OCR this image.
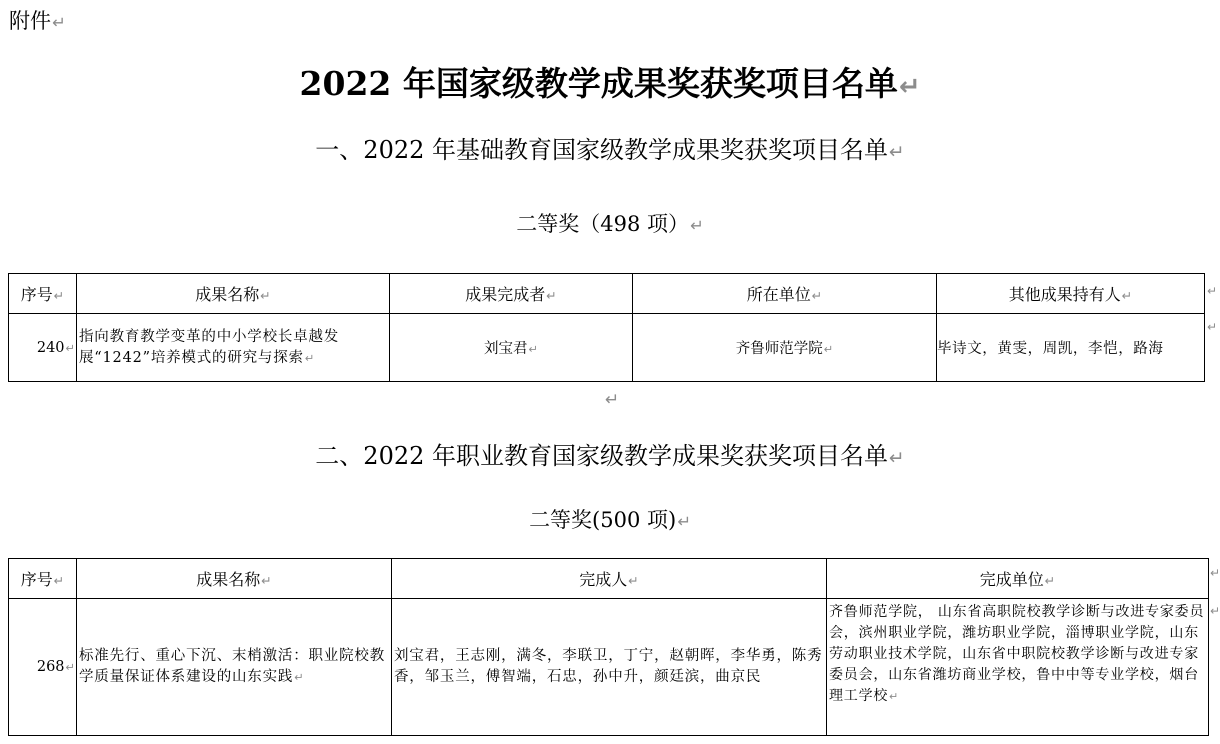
附件↵
2022 年国家级教学成果奖获奖项目名单↵
一、2022 年基础教育国家级教学成果奖获奖项目名单↵
二等奖（498 项）↵
序号↵	成果名称↵	成果完成者↵	所在单位↵	其他成果持有人↵
240↵	指向教育教学变革的中小学校长卓越发展“1242”培养模式的研究与探索↵	刘宝君↵	齐鲁师范学院↵	毕诗文，黄雯，周凯，李恺，路海
↵
↵
↵
二、2022 年职业教育国家级教学成果奖获奖项目名单↵
二等奖(500 项)↵
序号↵	成果名称↵	完成人↵	完成单位↵
268↵	标准先行、重心下沉、末梢激活：职业院校教学质量保证体系建设的山东实践↵	刘宝君，王志刚，满冬，李联卫，丁宁，赵朝晖，李华勇，陈秀香，邹玉兰，傅智端，石忠，孙中升，颜廷滨，曲京民	齐鲁师范学院， 山东省高职院校教学诊断与改进专家委员会，滨州职业学院，潍坊职业学院，淄博职业学院，山东劳动职业技术学院，山东省中职院校教学诊断与改进专家委员会，山东省潍坊商业学校，鲁中中等专业学校，烟台理工学校↵
↵
↵
